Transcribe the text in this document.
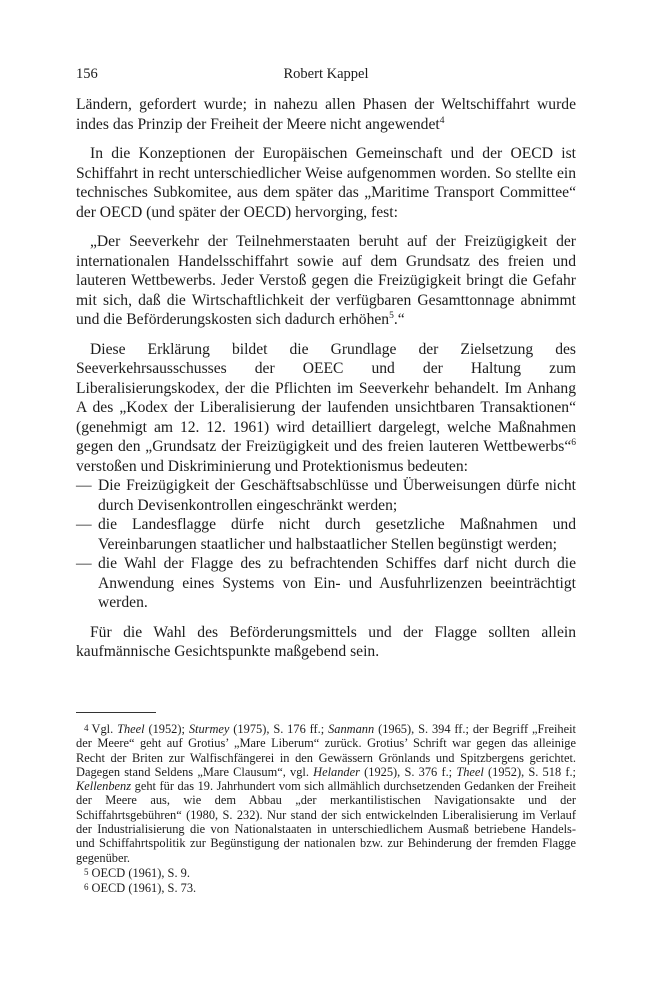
156	Robert Kappel

Ländern, gefordert wurde; in nahezu allen Phasen der Weltschiffahrt wurde indes das Prinzip der Freiheit der Meere nicht angewendet$^4$

In die Konzeptionen der Europäischen Gemeinschaft und der OECD ist Schiffahrt in recht unterschiedlicher Weise aufgenommen worden. So stellte ein technisches Subkomitee, aus dem später das „Maritime Transport Committee“ der OECD (und später der OECD) hervorging, fest:

„Der Seeverkehr der Teilnehmerstaaten beruht auf der Freizügigkeit der internationalen Handelsschiffahrt sowie auf dem Grundsatz des freien und lauteren Wettbewerbs. Jeder Verstoß gegen die Freizügigkeit bringt die Gefahr mit sich, daß die Wirtschaftlichkeit der verfügbaren Gesamttonnage abnimmt und die Beförderungskosten sich dadurch erhöhen$^5$.“

Diese Erklärung bildet die Grundlage der Zielsetzung des Seeverkehrsausschusses der OEEC und der Haltung zum Liberalisierungskodex, der die Pflichten im Seeverkehr behandelt. Im Anhang A des „Kodex der Liberalisierung der laufenden unsichtbaren Transaktionen“ (genehmigt am 12. 12. 1961) wird detailliert dargelegt, welche Maßnahmen gegen den „Grundsatz der Freizügigkeit und des freien lauteren Wettbewerbs“$^6$ verstoßen und Diskriminierung und Protektionismus bedeuten:

— Die Freizügigkeit der Geschäftsabschlüsse und Überweisungen dürfe nicht durch Devisenkontrollen eingeschränkt werden;

— die Landesflagge dürfe nicht durch gesetzliche Maßnahmen und Vereinbarungen staatlicher und halbstaatlicher Stellen begünstigt werden;

— die Wahl der Flagge des zu befrachtenden Schiffes darf nicht durch die Anwendung eines Systems von Ein- und Ausfuhrlizenzen beeinträchtigt werden.

Für die Wahl des Beförderungsmittels und der Flagge sollten allein kaufmännische Gesichtspunkte maßgebend sein.

4 Vgl. Theel (1952); Sturmey (1975), S. 176 ff.; Sanmann (1965), S. 394 ff.; der Begriff „Freiheit der Meere“ geht auf Grotius’ „Mare Liberum“ zurück. Grotius’ Schrift war gegen das alleinige Recht der Briten zur Walfischfängerei in den Gewässern Grönlands und Spitzbergens gerichtet. Dagegen stand Seldens „Mare Clausum“, vgl. Helander (1925), S. 376 f.; Theel (1952), S. 518 f.; Kellenbenz geht für das 19. Jahrhundert vom sich allmählich durchsetzenden Gedanken der Freiheit der Meere aus, wie dem Abbau „der merkantilistischen Navigationsakte und der Schiffahrtsgebühren“ (1980, S. 232). Nur stand der sich entwickelnden Liberalisierung im Verlauf der Industrialisierung die von Nationalstaaten in unterschiedlichem Ausmaß betriebene Handels- und Schiffahrtspolitik zur Begünstigung der nationalen bzw. zur Behinderung der fremden Flagge gegenüber.

5 OECD (1961), S. 9.

6 OECD (1961), S. 73.
